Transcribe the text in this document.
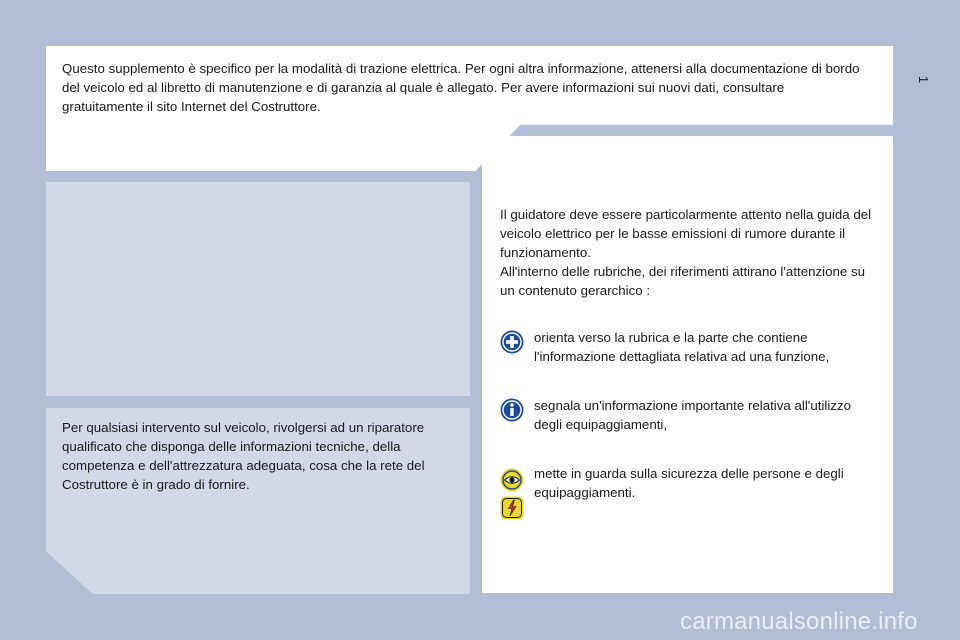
1
Questo supplemento è specifico per la modalità di trazione elettrica. Per ogni altra informazione, attenersi alla documentazione di bordo del veicolo ed al libretto di manutenzione e di garanzia al quale è allegato. Per avere informazioni sui nuovi dati, consultare gratuitamente il sito Internet del Costruttore.
Per qualsiasi intervento sul veicolo, rivolgersi ad un riparatore qualificato che disponga delle informazioni tecniche, della competenza e dell'attrezzatura adeguata, cosa che la rete del Costruttore è in grado di fornire.

Il guidatore deve essere particolarmente attento nella guida del veicolo elettrico per le basse emissioni di rumore durante il funzionamento.

All'interno delle rubriche, dei riferimenti attirano l'attenzione su un contenuto gerarchico :

orienta verso la rubrica e la parte che contiene l'informazione dettagliata relativa ad una funzione,
segnala un'informazione importante relativa all'utilizzo degli equipaggiamenti,
mette in guarda sulla sicurezza delle persone e degli equipaggiamenti.
carmanualsonline.info
